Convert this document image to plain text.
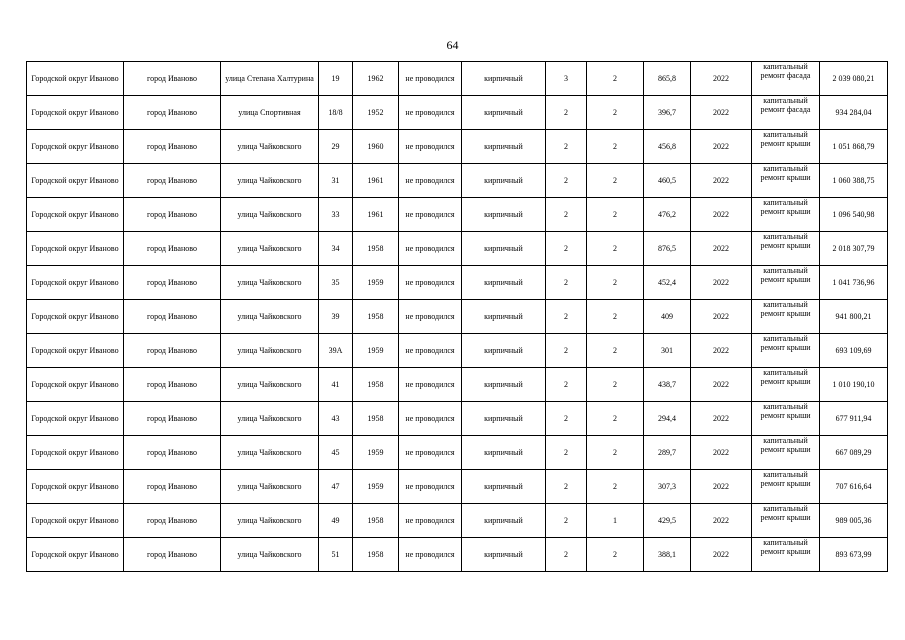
64
Городской округ Иваново	город Иваново	улица Степана Халтурина	19	1962	не проводился	кирпичный	3	2	865,8	2022	капитальный ремонт фасада	2 039 080,21
Городской округ Иваново	город Иваново	улица Спортивная	18/8	1952	не проводился	кирпичный	2	2	396,7	2022	капитальный ремонт фасада	934 284,04
Городской округ Иваново	город Иваново	улица Чайковского	29	1960	не проводился	кирпичный	2	2	456,8	2022	капитальный ремонт крыши	1 051 868,79
Городской округ Иваново	город Иваново	улица Чайковского	31	1961	не проводился	кирпичный	2	2	460,5	2022	капитальный ремонт крыши	1 060 388,75
Городской округ Иваново	город Иваново	улица Чайковского	33	1961	не проводился	кирпичный	2	2	476,2	2022	капитальный ремонт крыши	1 096 540,98
Городской округ Иваново	город Иваново	улица Чайковского	34	1958	не проводился	кирпичный	2	2	876,5	2022	капитальный ремонт крыши	2 018 307,79
Городской округ Иваново	город Иваново	улица Чайковского	35	1959	не проводился	кирпичный	2	2	452,4	2022	капитальный ремонт крыши	1 041 736,96
Городской округ Иваново	город Иваново	улица Чайковского	39	1958	не проводился	кирпичный	2	2	409	2022	капитальный ремонт крыши	941 800,21
Городской округ Иваново	город Иваново	улица Чайковского	39А	1959	не проводился	кирпичный	2	2	301	2022	капитальный ремонт крыши	693 109,69
Городской округ Иваново	город Иваново	улица Чайковского	41	1958	не проводился	кирпичный	2	2	438,7	2022	капитальный ремонт крыши	1 010 190,10
Городской округ Иваново	город Иваново	улица Чайковского	43	1958	не проводился	кирпичный	2	2	294,4	2022	капитальный ремонт крыши	677 911,94
Городской округ Иваново	город Иваново	улица Чайковского	45	1959	не проводился	кирпичный	2	2	289,7	2022	капитальный ремонт крыши	667 089,29
Городской округ Иваново	город Иваново	улица Чайковского	47	1959	не проводился	кирпичный	2	2	307,3	2022	капитальный ремонт крыши	707 616,64
Городской округ Иваново	город Иваново	улица Чайковского	49	1958	не проводился	кирпичный	2	1	429,5	2022	капитальный ремонт крыши	989 005,36
Городской округ Иваново	город Иваново	улица Чайковского	51	1958	не проводился	кирпичный	2	2	388,1	2022	капитальный ремонт крыши	893 673,99
